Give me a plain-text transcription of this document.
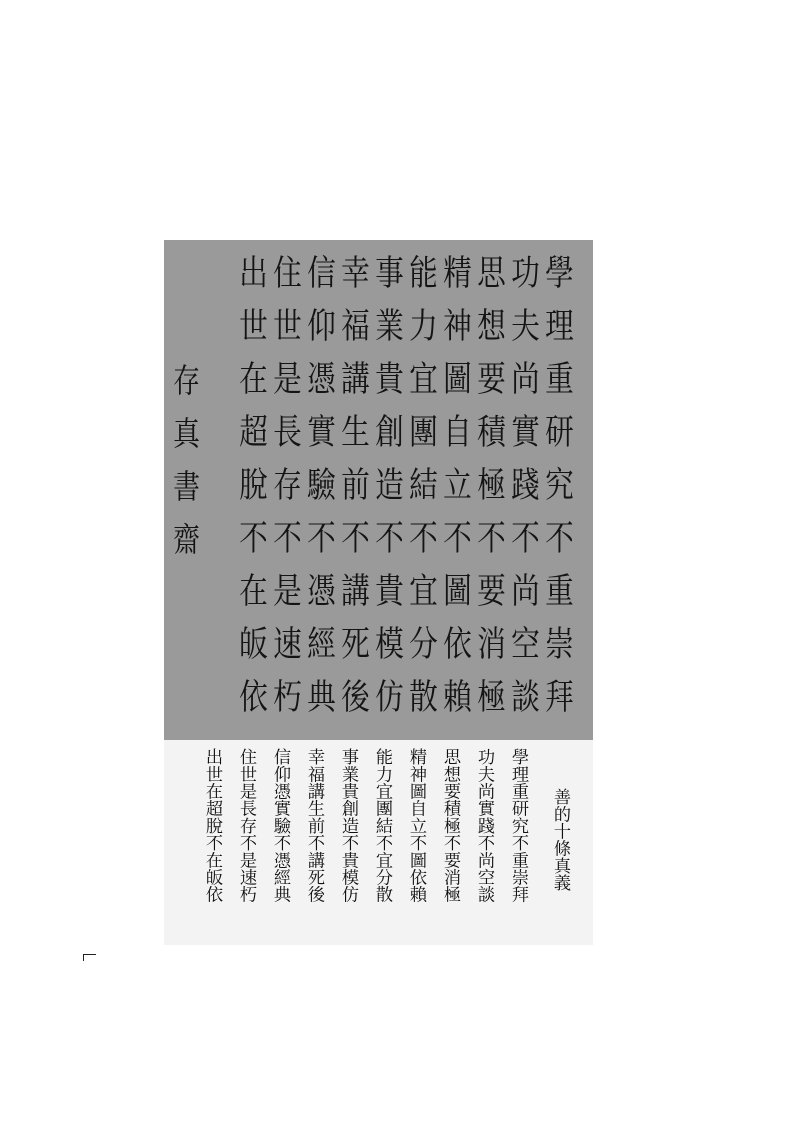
學
理
重
研
究
不
重
崇
拜
功
夫
尚
實
踐
不
尚
空
談
思
想
要
積
極
不
要
消
極
精
神
圖
自
立
不
圖
依
賴
能
力
宜
團
結
不
宜
分
散
事
業
貴
創
造
不
貴
模
仿
幸
福
講
生
前
不
講
死
後
信
仰
憑
實
驗
不
憑
經
典
住
世
是
長
存
不
是
速
朽
出
世
在
超
脫
不
在
皈
依
存
真
書
齋
善的十條真義
學理重研究不重崇拜
功夫尚實踐不尚空談
思想要積極不要消極
精神圖自立不圖依賴
能力宜團結不宜分散
事業貴創造不貴模仿
幸福講生前不講死後
信仰憑實驗不憑經典
住世是長存不是速朽
出世在超脫不在皈依
